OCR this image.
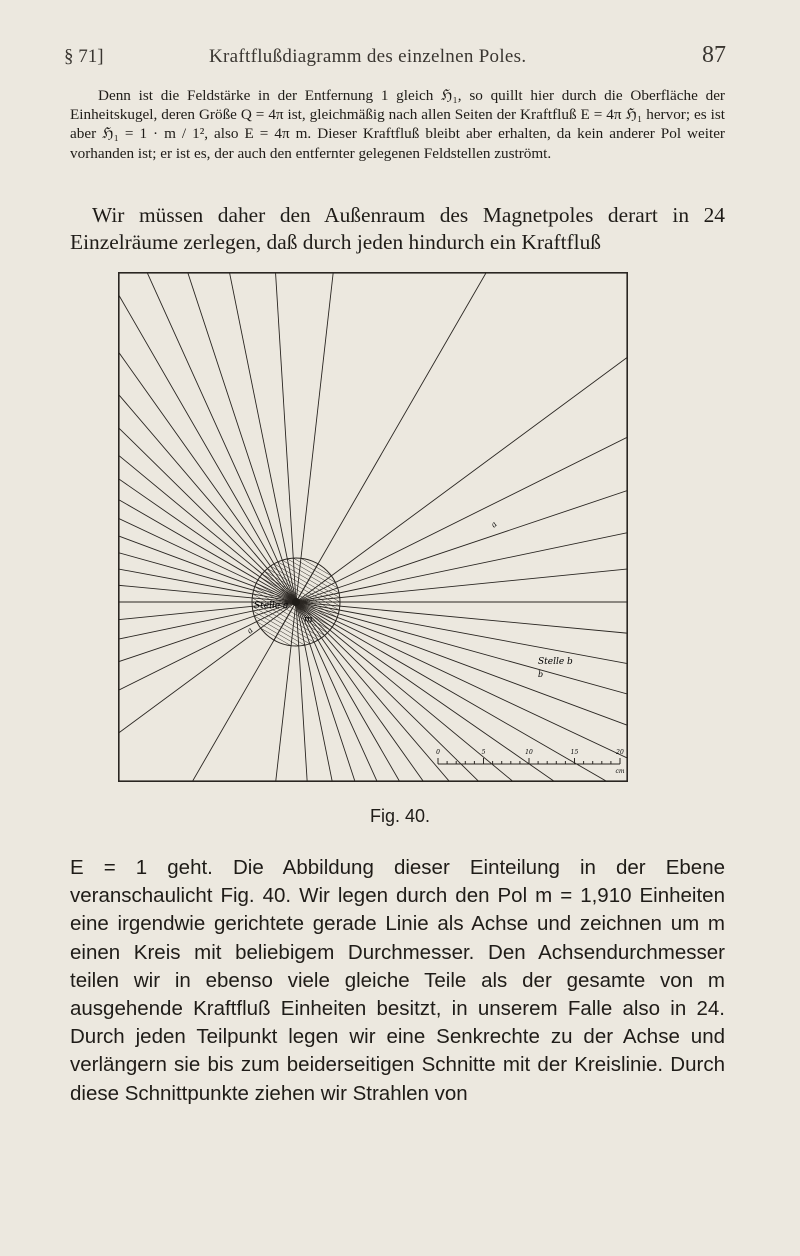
§ 71]	Kraftflußdiagramm des einzelnen Poles.	87

Denn ist die Feldstärke in der Entfernung 1 gleich ℌ₁, so quillt hier durch die Oberfläche der Einheitskugel, deren Größe Q = 4π ist, gleichmäßig nach allen Seiten der Kraftfluß E = 4π ℌ₁ hervor; es ist aber ℌ₁ = 1 · m / 1², also E = 4π m. Dieser Kraftfluß bleibt aber erhalten, da kein anderer Pol weiter vorhanden ist; er ist es, der auch den entfernter gelegenen Feldstellen zuströmt.

Wir müssen daher den Außenraum des Magnetpoles derart in 24 Einzelräume zerlegen, daß durch jeden hindurch ein Kraftfluß

a
Stelle a
m
a
Stelle b
b
0	5	10	15	20
cm
Fig. 40.

E = 1 geht. Die Abbildung dieser Einteilung in der Ebene veranschaulicht Fig. 40. Wir legen durch den Pol m = 1,910 Einheiten eine irgendwie gerichtete gerade Linie als Achse und zeichnen um m einen Kreis mit beliebigem Durchmesser. Den Achsendurchmesser teilen wir in ebenso viele gleiche Teile als der gesamte von m ausgehende Kraftfluß Einheiten besitzt, in unserem Falle also in 24. Durch jeden Teilpunkt legen wir eine Senkrechte zu der Achse und verlängern sie bis zum beiderseitigen Schnitte mit der Kreislinie. Durch diese Schnittpunkte ziehen wir Strahlen von
